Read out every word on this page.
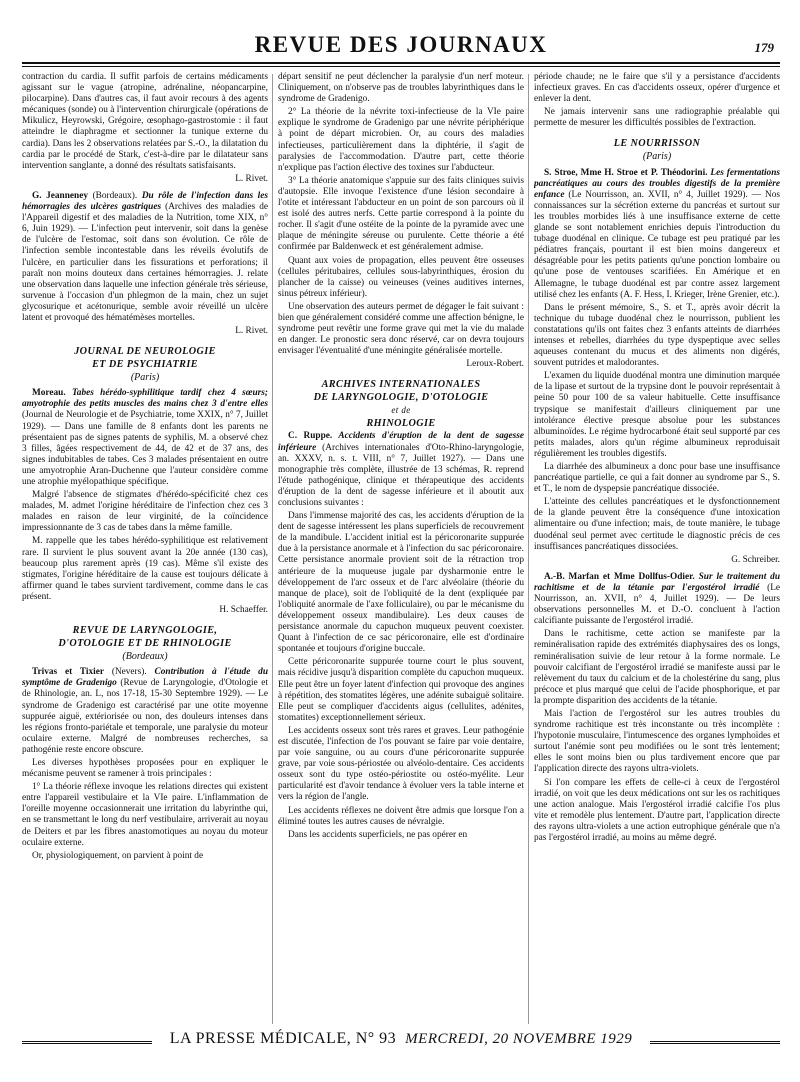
REVUE DES JOURNAUX	179

contraction du cardia. Il suffit parfois de certains médicaments agissant sur le vague (atropine, adrénaline, néopancarpine, pilocarpine). Dans d'autres cas, il faut avoir recours à des agents mécaniques (sonde) ou à l'intervention chirurgicale (opérations de Mikulicz, Heyrowski, Grégoire, œsophago-gastrostomie : il faut atteindre le diaphragme et sectionner la tunique externe du cardia). Dans les 2 observations relatées par S.-O., la dilatation du cardia par le procédé de Stark, c'est-à-dire par le dilatateur sans intervention sanglante, a donné des résultats satisfaisants.

L. Rivet.

G. Jeanneney (Bordeaux). Du rôle de l'infection dans les hémorragies des ulcères gastriques (Archives des maladies de l'Appareil digestif et des maladies de la Nutrition, tome XIX, n° 6, Juin 1929). — L'infection peut intervenir, soit dans la genèse de l'ulcère de l'estomac, soit dans son évolution. Ce rôle de l'infection semble incontestable dans les réveils évolutifs de l'ulcère, en particulier dans les fissurations et perforations; il paraît non moins douteux dans certaines hémorragies. J. relate une observation dans laquelle une infection générale très sérieuse, survenue à l'occasion d'un phlegmon de la main, chez un sujet glycosurique et acétonurique, semble avoir réveillé un ulcère latent et provoqué des hématémèses mortelles.

L. Rivet.
JOURNAL DE NEUROLOGIE
ET DE PSYCHIATRIE
(Paris)

Moreau. Tabes hérédo-syphilitique tardif chez 4 sœurs; amyotrophie des petits muscles des mains chez 3 d'entre elles (Journal de Neurologie et de Psychiatrie, tome XXIX, n° 7, Juillet 1929). — Dans une famille de 8 enfants dont les parents ne présentaient pas de signes patents de syphilis, M. a observé chez 3 filles, âgées respectivement de 44, de 42 et de 37 ans, des signes indubitables de tabes. Ces 3 malades présentaient en outre une amyotrophie Aran-Duchenne que l'auteur considère comme une atrophie myélopathique spécifique.

Malgré l'absence de stigmates d'hérédo-spécificité chez ces malades, M. admet l'origine héréditaire de l'infection chez ces 3 malades en raison de leur virginité, de la coïncidence impressionnante de 3 cas de tabes dans la même famille.

M. rappelle que les tabes hérédo-syphilitique est relativement rare. Il survient le plus souvent avant la 20e année (130 cas), beaucoup plus rarement après (19 cas). Même s'il existe des stigmates, l'origine héréditaire de la cause est toujours délicate à affirmer quand le tabes survient tardivement, comme dans le cas présent.

H. Schaeffer.
REVUE DE LARYNGOLOGIE,
D'OTOLOGIE ET DE RHINOLOGIE
(Bordeaux)

Trivas et Tixier (Nevers). Contribution à l'étude du symptôme de Gradenigo (Revue de Laryngologie, d'Otologie et de Rhinologie, an. L, nos 17-18, 15-30 Septembre 1929). — Le syndrome de Gradenigo est caractérisé par une otite moyenne suppurée aiguë, extériorisée ou non, des douleurs intenses dans les régions fronto-pariétale et temporale, une paralysie du moteur oculaire externe. Malgré de nombreuses recherches, sa pathogénie reste encore obscure.

Les diverses hypothèses proposées pour en expliquer le mécanisme peuvent se ramener à trois principales :

1° La théorie réflexe invoque les relations directes qui existent entre l'appareil vestibulaire et la VIe paire. L'inflammation de l'oreille moyenne occasionnerait une irritation du labyrinthe qui, en se transmettant le long du nerf vestibulaire, arriverait au noyau de Deiters et par les fibres anastomotiques au noyau du moteur oculaire externe.

Or, physiologiquement, on parvient à point de

départ sensitif ne peut déclencher la paralysie d'un nerf moteur. Cliniquement, on n'observe pas de troubles labyrinthiques dans le syndrome de Gradenigo.

2° La théorie de la névrite toxi-infectieuse de la VIe paire explique le syndrome de Gradenigo par une névrite périphérique à point de départ microbien. Or, au cours des maladies infectieuses, particulièrement dans la diphtérie, il s'agit de paralysies de l'accommodation. D'autre part, cette théorie n'explique pas l'action élective des toxines sur l'abducteur.

3° La théorie anatomique s'appuie sur des faits cliniques suivis d'autopsie. Elle invoque l'existence d'une lésion secondaire à l'otite et intéressant l'abducteur en un point de son parcours où il est isolé des autres nerfs. Cette partie correspond à la pointe du rocher. Il s'agit d'une ostéite de la pointe de la pyramide avec une plaque de méningite séreuse ou purulente. Cette théorie a été confirmée par Baldenweck et est généralement admise.

Quant aux voies de propagation, elles peuvent être osseuses (cellules péritubaires, cellules sous-labyrinthiques, érosion du plancher de la caisse) ou veineuses (veines auditives internes, sinus pétreux inférieur).

Une observation des auteurs permet de dégager le fait suivant : bien que généralement considéré comme une affection bénigne, le syndrome peut revêtir une forme grave qui met la vie du malade en danger. Le pronostic sera donc réservé, car on devra toujours envisager l'éventualité d'une méningite généralisée mortelle.

Leroux-Robert.
ARCHIVES INTERNATIONALES
DE LARYNGOLOGIE, D'OTOLOGIE
et de
RHINOLOGIE

C. Ruppe. Accidents d'éruption de la dent de sagesse inférieure (Archives internationales d'Oto-Rhino-laryngologie, an. XXXV, n. s. t. VIII, n° 7, Juillet 1927). — Dans une monographie très complète, illustrée de 13 schémas, R. reprend l'étude pathogénique, clinique et thérapeutique des accidents d'éruption de la dent de sagesse inférieure et il aboutit aux conclusions suivantes :

Dans l'immense majorité des cas, les accidents d'éruption de la dent de sagesse intéressent les plans superficiels de recouvrement de la mandibule. L'accident initial est la péricoronarite suppurée due à la persistance anormale et à l'infection du sac péricoronaire. Cette persistance anormale provient soit de la rétraction trop antérieure de la muqueuse jugale par dysharmonie entre le développement de l'arc osseux et de l'arc alvéolaire (théorie du manque de place), soit de l'obliquité de la dent (expliquée par l'obliquité anormale de l'axe folliculaire), ou par le mécanisme du développement osseux mandibulaire). Les deux causes de persistance anormale du capuchon muqueux peuvent coexister. Quant à l'infection de ce sac péricoronaire, elle est d'ordinaire spontanée et toujours d'origine buccale.

Cette péricoronarite suppurée tourne court le plus souvent, mais récidive jusqu'à disparition complète du capuchon muqueux. Elle peut être un foyer latent d'infection qui provoque des angines à répétition, des stomatites légères, une adénite subaiguë solitaire. Elle peut se compliquer d'accidents aigus (cellulites, adénites, stomatites) exceptionnellement sérieux.

Les accidents osseux sont très rares et graves. Leur pathogénie est discutée, l'infection de l'os pouvant se faire par voie dentaire, par voie sanguine, ou au cours d'une péricoronarite suppurée grave, par voie sous-périostée ou alvéolo-dentaire. Ces accidents osseux sont du type ostéo-périostite ou ostéo-myélite. Leur particularité est d'avoir tendance à évoluer vers la table interne et vers la région de l'angle.

Les accidents réflexes ne doivent être admis que lorsque l'on a éliminé toutes les autres causes de névralgie.

Dans les accidents superficiels, ne pas opérer en

période chaude; ne le faire que s'il y a persistance d'accidents infectieux graves. En cas d'accidents osseux, opérer d'urgence et enlever la dent.

Ne jamais intervenir sans une radiographie préalable qui permette de mesurer les difficultés possibles de l'extraction.

LE NOURRISSON
(Paris)

S. Stroe, Mme H. Stroe et P. Théodorini. Les fermentations pancréatiques au cours des troubles digestifs de la première enfance (Le Nourrisson, an. XVII, n° 4, Juillet 1929). — Nos connaissances sur la sécrétion externe du pancréas et surtout sur les troubles morbides liés à une insuffisance externe de cette glande se sont notablement enrichies depuis l'introduction du tubage duodénal en clinique. Ce tubage est peu pratiqué par les pédiatres français, pourtant il est bien moins dangereux et désagréable pour les petits patients qu'une ponction lombaire ou qu'une pose de ventouses scarifiées. En Amérique et en Allemagne, le tubage duodénal est par contre assez largement utilisé chez les enfants (A. F. Hess, I. Krieger, Irène Grenier, etc.).

Dans le présent mémoire, S., S. et T., après avoir décrit la technique du tubage duodénal chez le nourrisson, publient les constatations qu'ils ont faites chez 3 enfants atteints de diarrhées intenses et rebelles, diarrhées du type dyspeptique avec selles aqueuses contenant du mucus et des aliments non digérés, souvent putrides et malodorantes.

L'examen du liquide duodénal montra une diminution marquée de la lipase et surtout de la trypsine dont le pouvoir représentait à peine 50 pour 100 de sa valeur habituelle. Cette insuffisance trypsique se manifestait d'ailleurs cliniquement par une intolérance élective presque absolue pour les substances albuminoïdes. Le régime hydrocarboné était seul supporté par ces petits malades, alors qu'un régime albumineux reproduisait régulièrement les troubles digestifs.

La diarrhée des albumineux a donc pour base une insuffisance pancréatique partielle, ce qui a fait donner au syndrome par S., S. et T., le nom de dyspepsie pancréatique dissociée.

L'atteinte des cellules pancréatiques et le dysfonctionnement de la glande peuvent être la conséquence d'une intoxication alimentaire ou d'une infection; mais, de toute manière, le tubage duodénal seul permet avec certitude le diagnostic précis de ces insuffisances pancréatiques dissociées.

G. Schreiber.

A.-B. Marfan et Mme Dollfus-Odier. Sur le traitement du rachitisme et de la tétanie par l'ergostérol irradié (Le Nourrisson, an. XVII, n° 4, Juillet 1929). — De leurs observations personnelles M. et D.-O. concluent à l'action calcifiante puissante de l'ergostérol irradié.

Dans le rachitisme, cette action se manifeste par la reminéralisation rapide des extrémités diaphysaires des os longs, reminéralisation suivie de leur retour à la forme normale. Le pouvoir calcifiant de l'ergostérol irradié se manifeste aussi par le relèvement du taux du calcium et de la cholestérine du sang, plus précoce et plus marqué que celui de l'acide phosphorique, et par la prompte disparition des accidents de la tétanie.

Mais l'action de l'ergostérol sur les autres troubles du syndrome rachitique est très inconstante ou très incomplète : l'hypotonie musculaire, l'intumescence des organes lymphoïdes et surtout l'anémie sont peu modifiées ou le sont très lentement; elles le sont moins bien ou plus tardivement encore que par l'application directe des rayons ultra-violets.

Si l'on compare les effets de celle-ci à ceux de l'ergostérol irradié, on voit que les deux médications ont sur les os rachitiques une action analogue. Mais l'ergostérol irradié calcifie l'os plus vite et remodèle plus lentement. D'autre part, l'application directe des rayons ultra-violets a une action eutrophique générale que n'a pas l'ergostérol irradié, au moins au même degré.

LA PRESSE MÉDICALE, N° 93 MERCREDI, 20 NOVEMBRE 1929
